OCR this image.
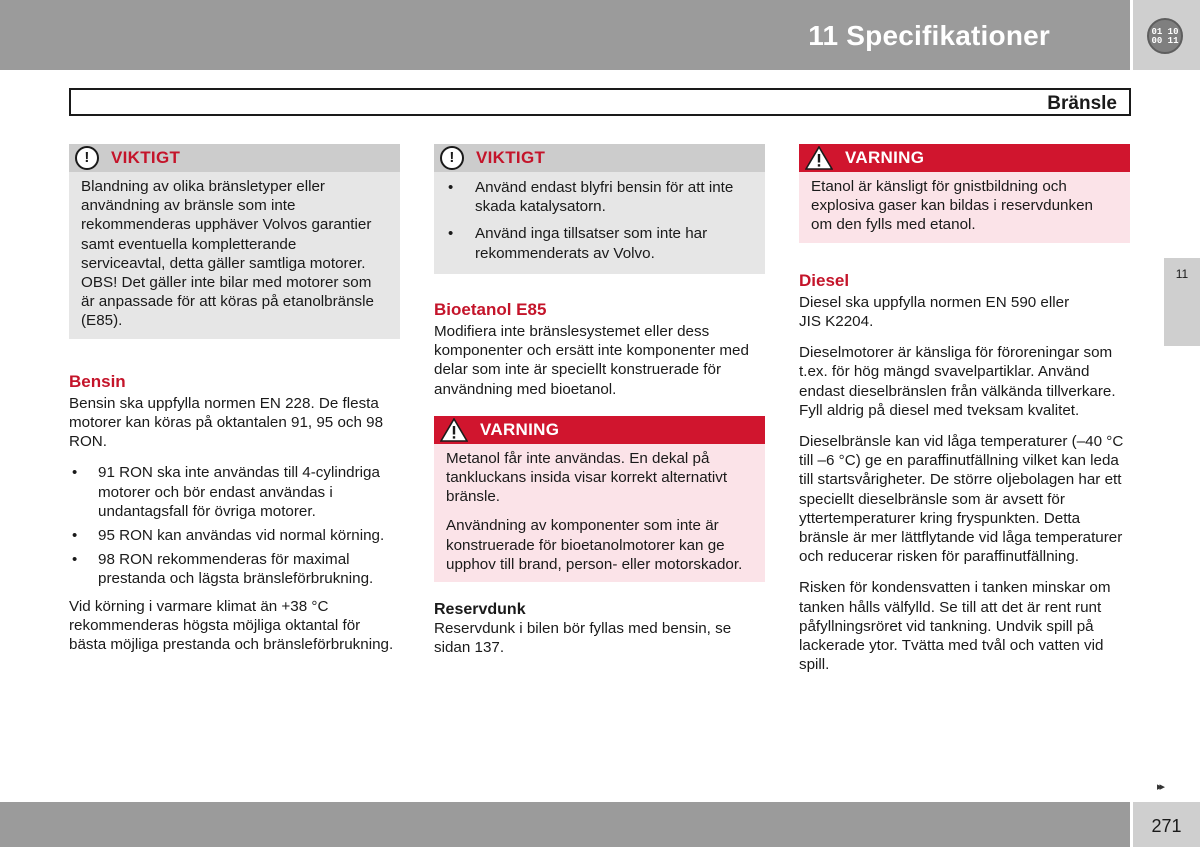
11 Specifikationer	01 10
00 11
Bränsle
11
!
VIKTIGT

Blandning av olika bränsletyper eller användning av bränsle som inte rekommenderas upphäver Volvos garantier samt eventuella kompletterande serviceavtal, detta gäller samtliga motorer. OBS! Det gäller inte bilar med motorer som är anpassade för att köras på etanolbränsle (E85).

Bensin

Bensin ska uppfylla normen EN 228. De flesta motorer kan köras på oktantalen 91, 95 och 98 RON.

• 91 RON ska inte användas till 4-cylindriga motorer och bör endast användas i undantagsfall för övriga motorer.
• 95 RON kan användas vid normal körning.
• 98 RON rekommenderas för maximal prestanda och lägsta bränsleförbrukning.

Vid körning i varmare klimat än +38 °C rekommenderas högsta möjliga oktantal för bästa möjliga prestanda och bränsleförbrukning.

!
VIKTIGT
• Använd endast blyfri bensin för att inte skada katalysatorn.
• Använd inga tillsatser som inte har rekommenderats av Volvo.
Bioetanol E85

Modifiera inte bränslesystemet eller dess komponenter och ersätt inte komponenter med delar som inte är speciellt konstruerade för användning med bioetanol.

VARNING

Metanol får inte användas. En dekal på tankluckans insida visar korrekt alternativt bränsle.

Användning av komponenter som inte är konstruerade för bioetanolmotorer kan ge upphov till brand, person- eller motorskador.

Reservdunk

Reservdunk i bilen bör fyllas med bensin, se sidan 137.

VARNING

Etanol är känsligt för gnistbildning och explosiva gaser kan bildas i reservdunken om den fylls med etanol.

Diesel

Diesel ska uppfylla normen EN 590 eller JIS K2204.

Dieselmotorer är känsliga för föroreningar som t.ex. för hög mängd svavelpartiklar. Använd endast dieselbränslen från välkända tillverkare. Fyll aldrig på diesel med tveksam kvalitet.

Dieselbränsle kan vid låga temperaturer (–40 °C till –6 °C) ge en paraffinutfällning vilket kan leda till startsvårigheter. De större oljebolagen har ett speciellt dieselbränsle som är avsett för yttertemperaturer kring fryspunkten. Detta bränsle är mer lättflytande vid låga temperaturer och reducerar risken för paraffinutfällning.

Risken för kondensvatten i tanken minskar om tanken hålls välfylld. Se till att det är rent runt påfyllningsröret vid tankning. Undvik spill på lackerade ytor. Tvätta med tvål och vatten vid spill.

▸▸
271
